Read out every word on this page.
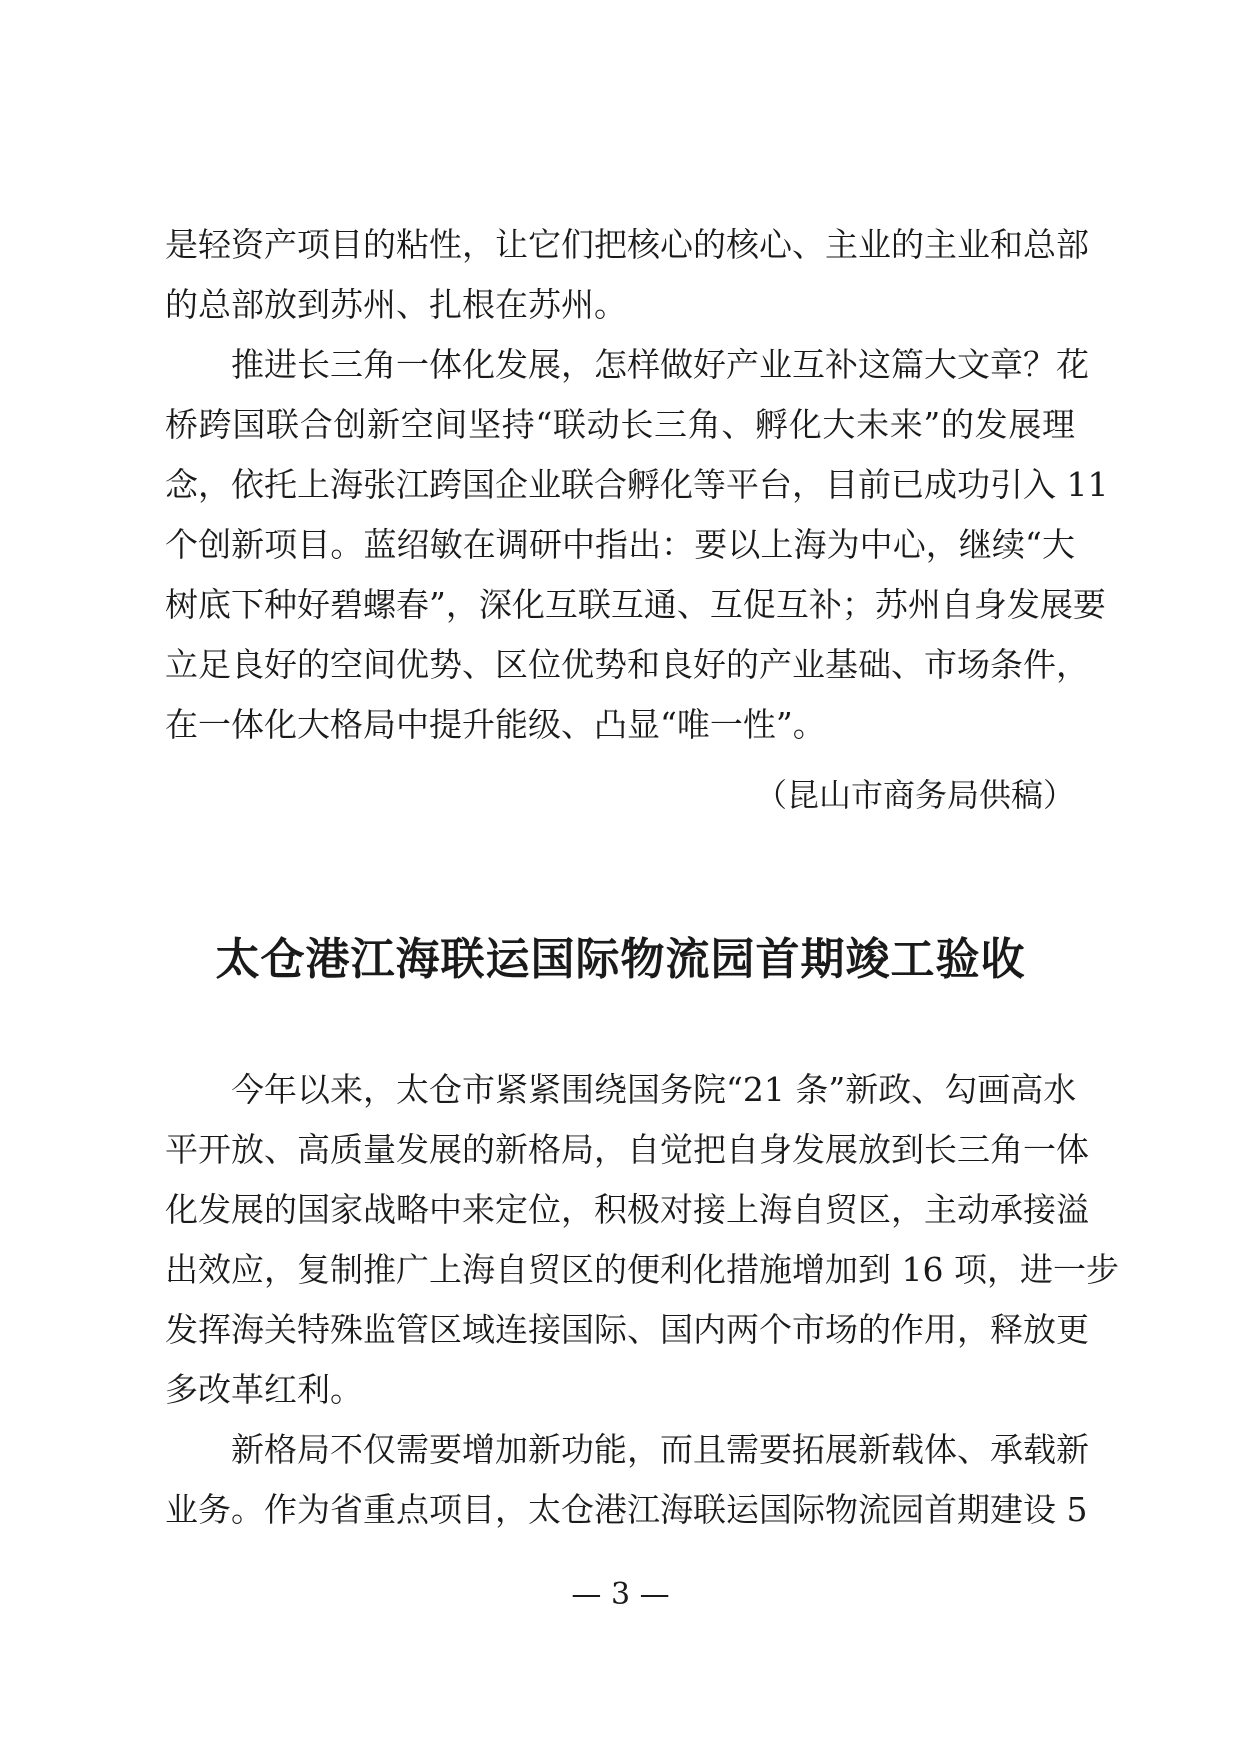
是轻资产项目的粘性，让它们把核心的核心、主业的主业和总部
的总部放到苏州、扎根在苏州。
推进长三角一体化发展，怎样做好产业互补这篇大文章？花
桥跨国联合创新空间坚持“联动长三角、孵化大未来”的发展理
念，依托上海张江跨国企业联合孵化等平台，目前已成功引入 11
个创新项目。蓝绍敏在调研中指出：要以上海为中心，继续“大
树底下种好碧螺春”，深化互联互通、互促互补；苏州自身发展要
立足良好的空间优势、区位优势和良好的产业基础、市场条件，
在一体化大格局中提升能级、凸显“唯一性”。
（昆山市商务局供稿）
太仓港江海联运国际物流园首期竣工验收
今年以来，太仓市紧紧围绕国务院“21 条”新政、勾画高水
平开放、高质量发展的新格局，自觉把自身发展放到长三角一体
化发展的国家战略中来定位，积极对接上海自贸区，主动承接溢
出效应，复制推广上海自贸区的便利化措施增加到 16 项，进一步
发挥海关特殊监管区域连接国际、国内两个市场的作用，释放更
多改革红利。
新格局不仅需要增加新功能，而且需要拓展新载体、承载新
业务。作为省重点项目，太仓港江海联运国际物流园首期建设 5
— 3 —
